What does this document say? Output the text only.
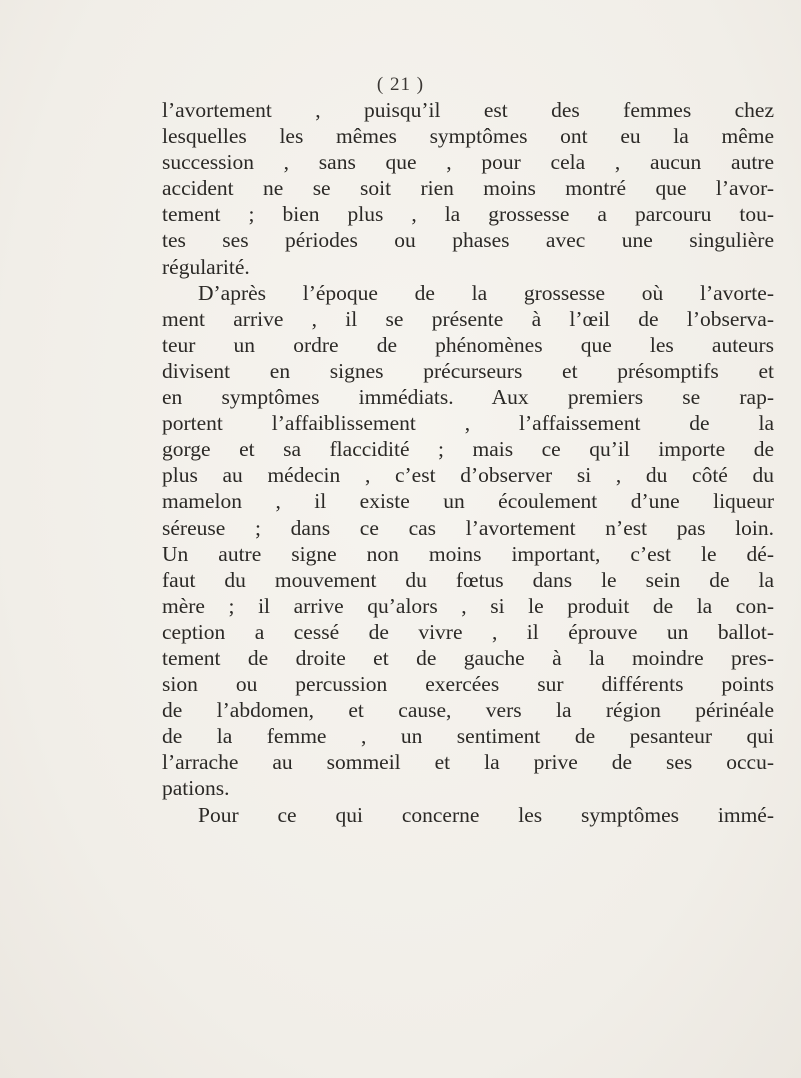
( 21 )
l’avortement , puisqu’il est des femmes chez
lesquelles les mêmes symptômes ont eu la même
succession , sans que , pour cela , aucun autre
accident ne se soit rien moins montré que l’avor-
tement ; bien plus , la grossesse a parcouru tou-
tes ses périodes ou phases avec une singulière
régularité.
D’après l’époque de la grossesse où l’avorte-
ment arrive , il se présente à l’œil de l’observa-
teur un ordre de phénomènes que les auteurs
divisent en signes précurseurs et présomptifs et
en symptômes immédiats. Aux premiers se rap-
portent l’affaiblissement , l’affaissement de la
gorge et sa flaccidité ; mais ce qu’il importe de
plus au médecin , c’est d’observer si , du côté du
mamelon , il existe un écoulement d’une liqueur
séreuse ; dans ce cas l’avortement n’est pas loin.
Un autre signe non moins important, c’est le dé-
faut du mouvement du fœtus dans le sein de la
mère ; il arrive qu’alors , si le produit de la con-
ception a cessé de vivre , il éprouve un ballot-
tement de droite et de gauche à la moindre pres-
sion ou percussion exercées sur différents points
de l’abdomen, et cause, vers la région périnéale
de la femme , un sentiment de pesanteur qui
l’arrache au sommeil et la prive de ses occu-
pations.
Pour ce qui concerne les symptômes immé-
